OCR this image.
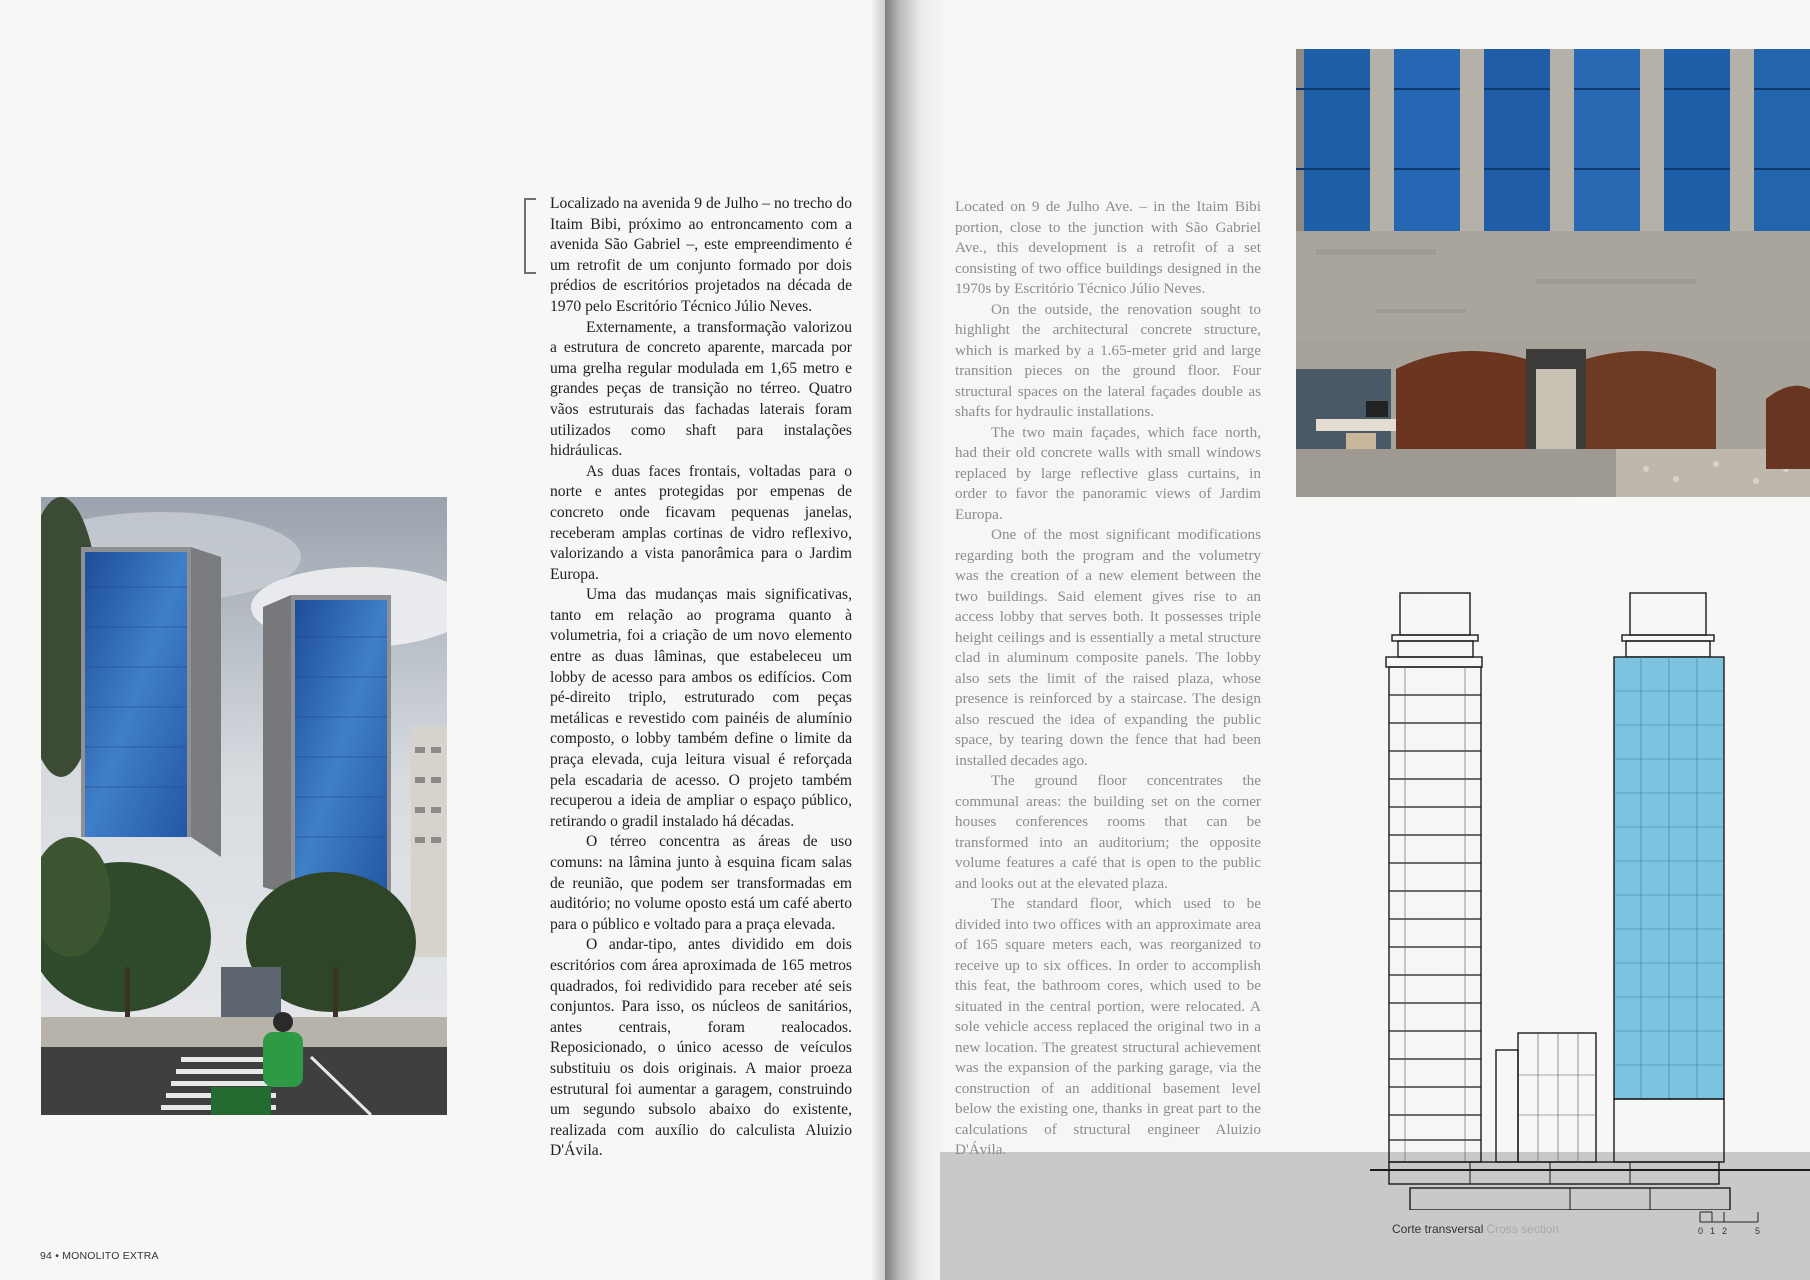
Localizado na avenida 9 de Julho – no trecho do Itaim Bibi, próximo ao entroncamento com a avenida São Gabriel –, este empreendimento é um retrofit de um conjunto formado por dois prédios de escritórios projetados na década de 1970 pelo Escritório Técnico Júlio Neves.

Externamente, a transformação valorizou a estrutura de concreto aparente, marcada por uma grelha regular modulada em 1,65 metro e grandes peças de transição no térreo. Quatro vãos estruturais das fachadas laterais foram utilizados como shaft para instalações hidráulicas.

As duas faces frontais, voltadas para o norte e antes protegidas por empenas de concreto onde ficavam pequenas janelas, receberam amplas cortinas de vidro reflexivo, valorizando a vista panorâmica para o Jardim Europa.

Uma das mudanças mais significativas, tanto em relação ao programa quanto à volumetria, foi a criação de um novo elemento entre as duas lâminas, que estabeleceu um lobby de acesso para ambos os edifícios. Com pé-direito triplo, estruturado com peças metálicas e revestido com painéis de alumínio composto, o lobby também define o limite da praça elevada, cuja leitura visual é reforçada pela escadaria de acesso. O projeto também recuperou a ideia de ampliar o espaço público, retirando o gradil instalado há décadas.

O térreo concentra as áreas de uso comuns: na lâmina junto à esquina ficam salas de reunião, que podem ser transformadas em auditório; no volume oposto está um café aberto para o público e voltado para a praça elevada.

O andar-tipo, antes dividido em dois escritórios com área aproximada de 165 metros quadrados, foi redividido para receber até seis conjuntos. Para isso, os núcleos de sanitários, antes centrais, foram realocados. Reposicionado, o único acesso de veículos substituiu os dois originais. A maior proeza estrutural foi aumentar a garagem, construindo um segundo subsolo abaixo do existente, realizada com auxílio do calculista Aluizio D'Ávila.

94 • MONOLITO EXTRA

Located on 9 de Julho Ave. – in the Itaim Bibi portion, close to the junction with São Gabriel Ave., this development is a retrofit of a set consisting of two office buildings designed in the 1970s by Escritório Técnico Júlio Neves.

On the outside, the renovation sought to highlight the architectural concrete structure, which is marked by a 1.65-meter grid and large transition pieces on the ground floor. Four structural spaces on the lateral façades double as shafts for hydraulic installations.

The two main façades, which face north, had their old concrete walls with small windows replaced by large reflective glass curtains, in order to favor the panoramic views of Jardim Europa.

One of the most significant modifications regarding both the program and the volumetry was the creation of a new element between the two buildings. Said element gives rise to an access lobby that serves both. It possesses triple height ceilings and is essentially a metal structure clad in aluminum composite panels. The lobby also sets the limit of the raised plaza, whose presence is reinforced by a staircase. The design also rescued the idea of expanding the public space, by tearing down the fence that had been installed decades ago.

The ground floor concentrates the communal areas: the building set on the corner houses conferences rooms that can be transformed into an auditorium; the opposite volume features a café that is open to the public and looks out at the elevated plaza.

The standard floor, which used to be divided into two offices with an approximate area of 165 square meters each, was reorganized to receive up to six offices. In order to accomplish this feat, the bathroom cores, which used to be situated in the central portion, were relocated. A sole vehicle access replaced the original two in a new location. The greatest structural achievement was the expansion of the parking garage, via the construction of an additional basement level below the existing one, thanks in great part to the calculations of structural engineer Aluizio D'Ávila.

Corte transversal Cross section	0 1 2	5
